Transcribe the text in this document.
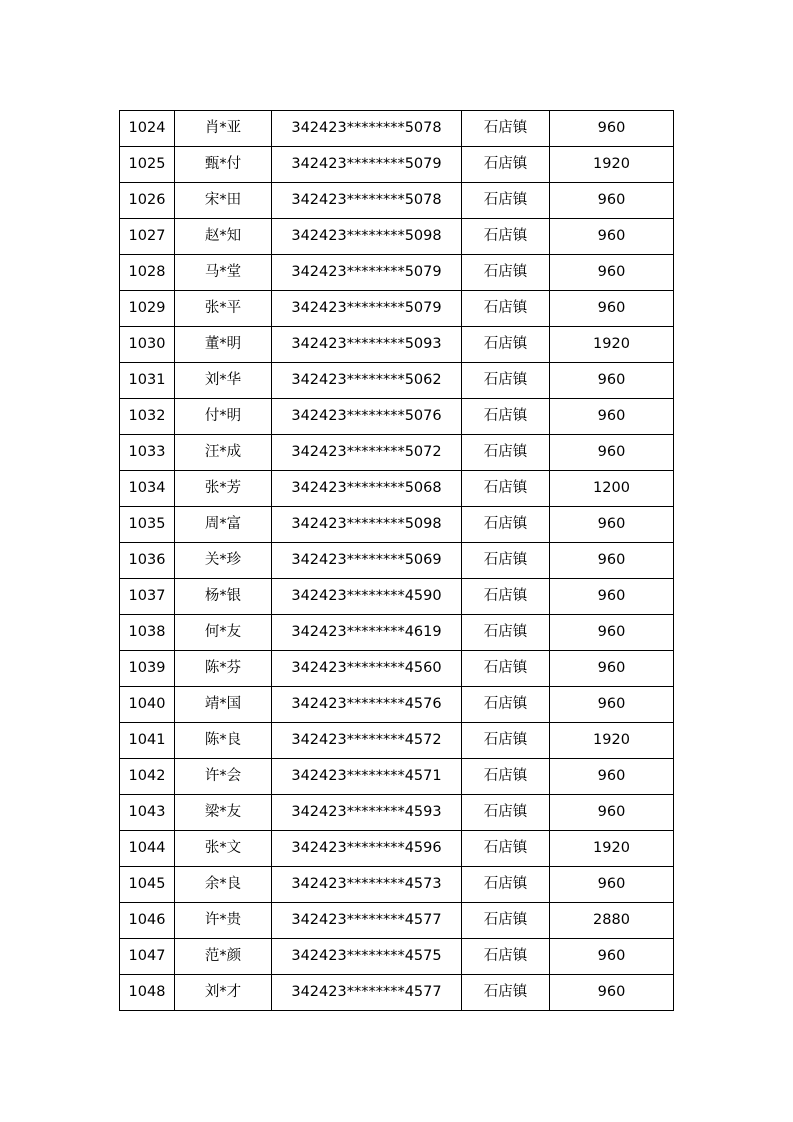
1024	肖*亚	342423********5078	石店镇	960
1025	甄*付	342423********5079	石店镇	1920
1026	宋*田	342423********5078	石店镇	960
1027	赵*知	342423********5098	石店镇	960
1028	马*堂	342423********5079	石店镇	960
1029	张*平	342423********5079	石店镇	960
1030	董*明	342423********5093	石店镇	1920
1031	刘*华	342423********5062	石店镇	960
1032	付*明	342423********5076	石店镇	960
1033	汪*成	342423********5072	石店镇	960
1034	张*芳	342423********5068	石店镇	1200
1035	周*富	342423********5098	石店镇	960
1036	关*珍	342423********5069	石店镇	960
1037	杨*银	342423********4590	石店镇	960
1038	何*友	342423********4619	石店镇	960
1039	陈*芬	342423********4560	石店镇	960
1040	靖*国	342423********4576	石店镇	960
1041	陈*良	342423********4572	石店镇	1920
1042	许*会	342423********4571	石店镇	960
1043	梁*友	342423********4593	石店镇	960
1044	张*文	342423********4596	石店镇	1920
1045	余*良	342423********4573	石店镇	960
1046	许*贵	342423********4577	石店镇	2880
1047	范*颜	342423********4575	石店镇	960
1048	刘*才	342423********4577	石店镇	960
